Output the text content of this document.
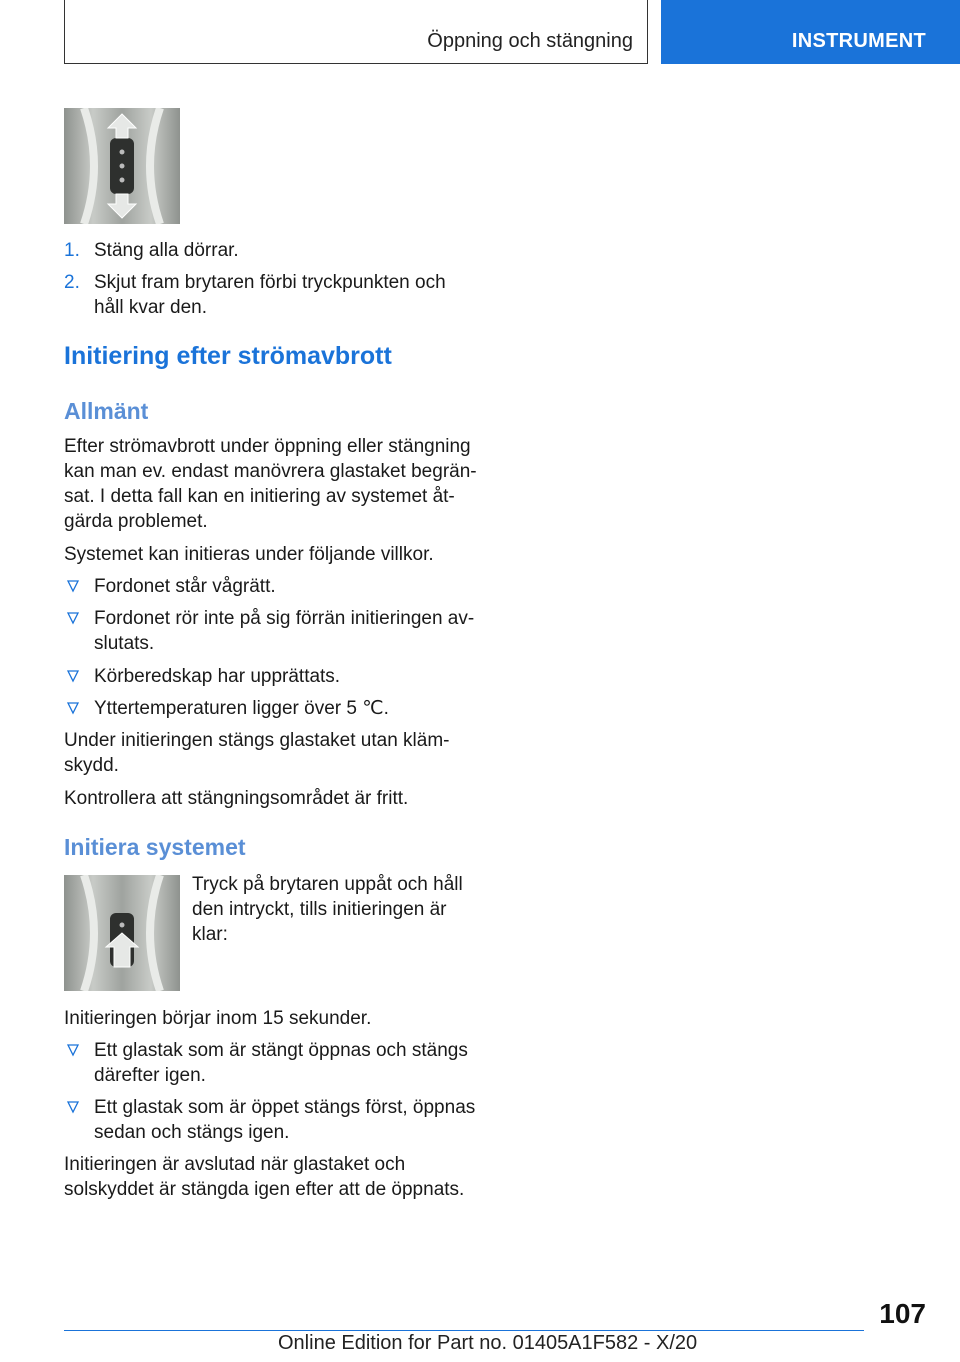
Öppning och stängning	INSTRUMENT
1. Stäng alla dörrar.
2. Skjut fram brytaren förbi tryckpunkten och håll kvar den.
Initiering efter strömavbrott
Allmänt

Efter strömavbrott under öppning eller stängning kan man ev. endast manövrera glastaket begränsat. I detta fall kan en initiering av systemet åtgärda problemet.

Systemet kan initieras under följande villkor.

Fordonet står vågrätt.
Fordonet rör inte på sig förrän initieringen avslutats.
Körberedskap har upprättats.
Yttertemperaturen ligger över 5 ℃.

Under initieringen stängs glastaket utan klämskydd.

Kontrollera att stängningsområdet är fritt.

Initiera systemet
Tryck på brytaren uppåt och håll den intryckt, tills initieringen är klar:

Initieringen börjar inom 15 sekunder.

Ett glastak som är stängt öppnas och stängs därefter igen.
Ett glastak som är öppet stängs först, öppnas sedan och stängs igen.

Initieringen är avslutad när glastaket och solskyddet är stängda igen efter att de öppnats.

107
Online Edition for Part no. 01405A1F582 - X/20
